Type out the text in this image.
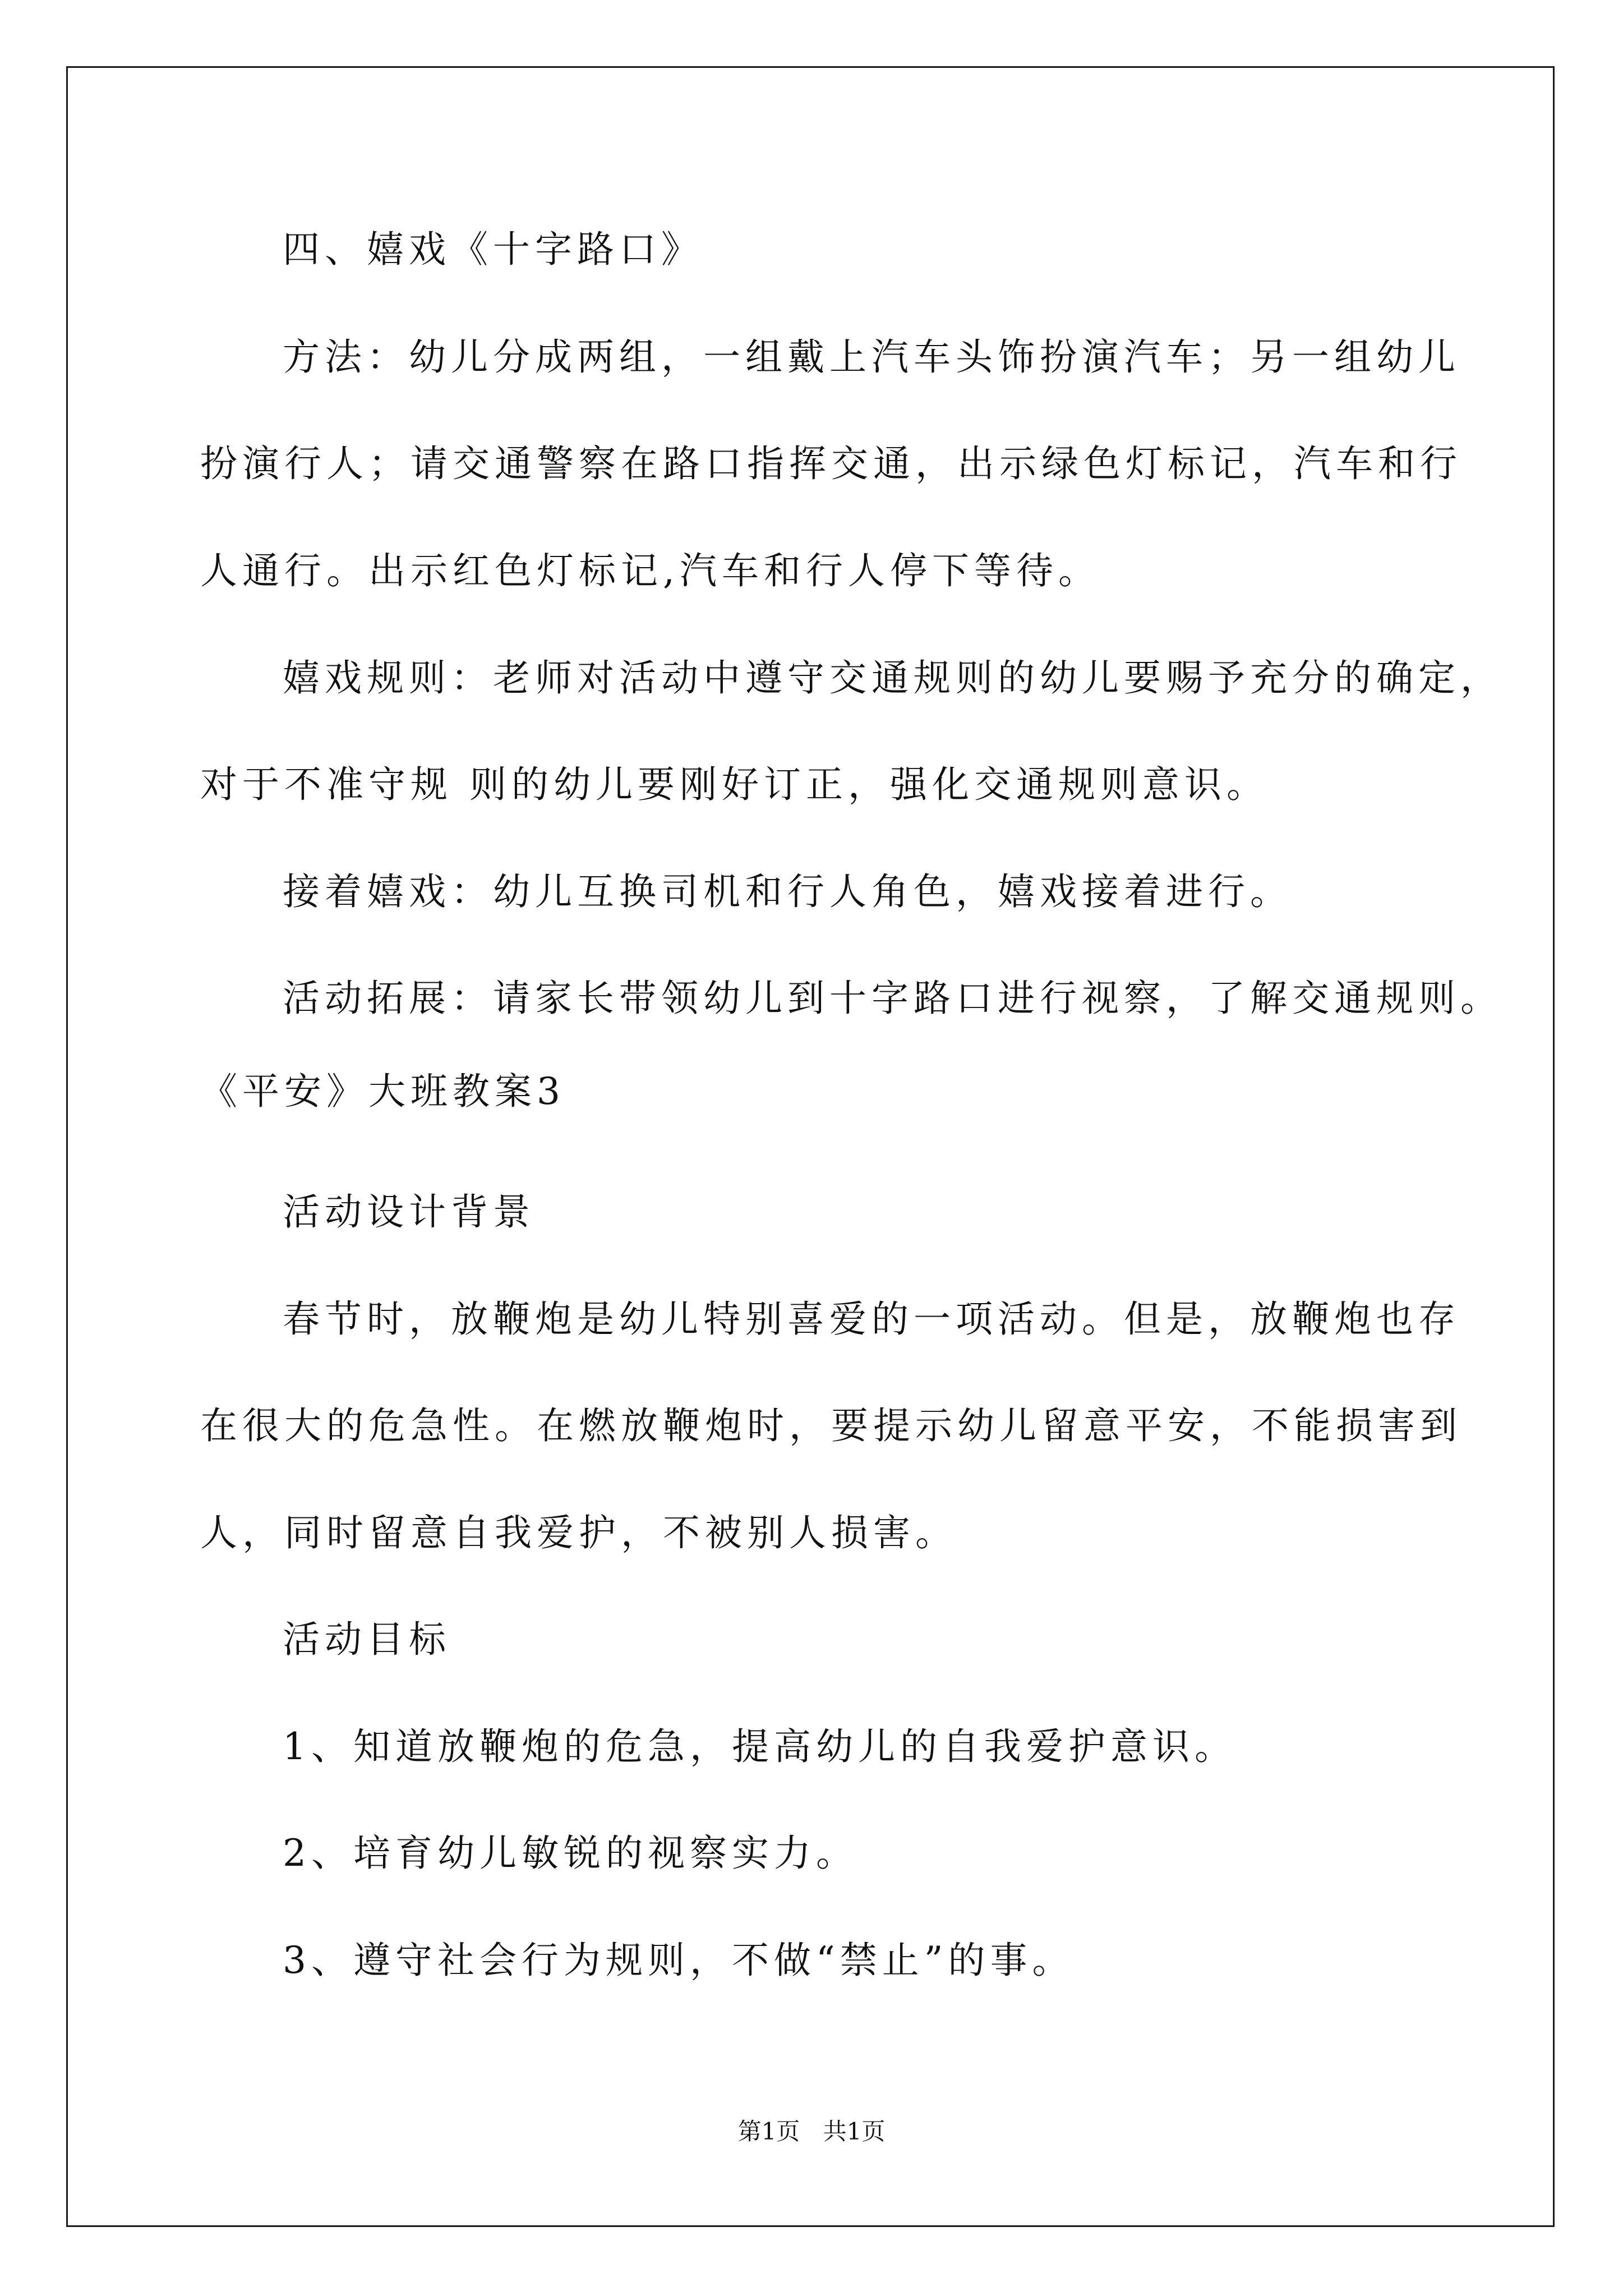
四、嬉戏《十字路口》
方法：幼儿分成两组，一组戴上汽车头饰扮演汽车；另一组幼儿
扮演行人；请交通警察在路口指挥交通，出示绿色灯标记，汽车和行
人通行。出示红色灯标记,汽车和行人停下等待。
嬉戏规则：老师对活动中遵守交通规则的幼儿要赐予充分的确定，
对于不准守规 则的幼儿要刚好订正，强化交通规则意识。
接着嬉戏：幼儿互换司机和行人角色，嬉戏接着进行。
活动拓展：请家长带领幼儿到十字路口进行视察，了解交通规则。
《平安》大班教案3
活动设计背景
春节时，放鞭炮是幼儿特别喜爱的一项活动。但是，放鞭炮也存
在很大的危急性。在燃放鞭炮时，要提示幼儿留意平安，不能损害到
人，同时留意自我爱护，不被别人损害。
活动目标
1、知道放鞭炮的危急，提高幼儿的自我爱护意识。
2、培育幼儿敏锐的视察实力。
3、遵守社会行为规则，不做“禁止”的事。
第1页 共1页
